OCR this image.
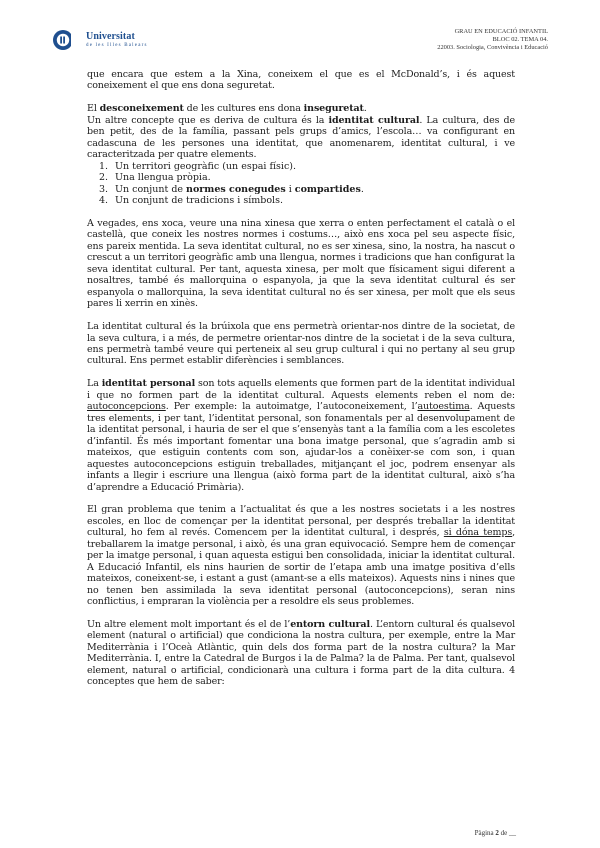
Universitat
de les Illes Balears
GRAU EN EDUCACIÓ INFANTIL
BLOC 02. TEMA 04.
22003. Sociologia, Convivència i Educació

que encara que estem a la Xina, coneixem el que es el McDonald’s, i és aquest coneixement el que ens dona seguretat.

El desconeixement de les cultures ens dona inseguretat.

Un altre concepte que es deriva de cultura és la identitat cultural. La cultura, des de ben petit, des de la família, passant pels grups d’amics, l’escola… va configurant en cadascuna de les persones una identitat, que anomenarem, identitat cultural, i ve caracteritzada per quatre elements.

1. Un territori geogràfic (un espai físic).
2. Una llengua pròpia.
3. Un conjunt de normes conegudes i compartides.
4. Un conjunt de tradicions i símbols.

A vegades, ens xoca, veure una nina xinesa que xerra o enten perfectament el català o el castellà, que coneix les nostres normes i costums…, això ens xoca pel seu aspecte físic, ens pareix mentida. La seva identitat cultural, no es ser xinesa, sino, la nostra, ha nascut o crescut a un territori geogràfic amb una llengua, normes i tradicions que han configurat la seva identitat cultural. Per tant, aquesta xinesa, per molt que físicament sigui diferent a nosaltres, també és mallorquina o espanyola, ja que la seva identitat cultural és ser espanyola o mallorquina, la seva identitat cultural no és ser xinesa, per molt que els seus pares li xerrin en xinès.

La identitat cultural és la brúixola que ens permetrà orientar-nos dintre de la societat, de la seva cultura, i a més, de permetre orientar-nos dintre de la societat i de la seva cultura, ens permetrà també veure qui perteneix al seu grup cultural i qui no pertany al seu grup cultural. Ens permet establir diferències i semblances.

La identitat personal son tots aquells elements que formen part de la identitat individual i que no formen part de la identitat cultural. Aquests elements reben el nom de: autoconcepcions. Per exemple: la autoimatge, l’autoconeixement, l’autoestima. Aquests tres elements, i per tant, l’identitat personal, son fonamentals per al desenvolupament de la identitat personal, i hauria de ser el que s’ensenyàs tant a la família com a les escoletes d’infantil. És més important fomentar una bona imatge personal, que s’agradin amb si mateixos, que estiguin contents com son, ajudar-los a conèixer-se com son, i quan aquestes autoconcepcions estiguin treballades, mitjançant el joc, podrem ensenyar als infants a llegir i escriure una llengua (això forma part de la identitat cultural, això s’ha d’aprendre a Educació Primària).

El gran problema que tenim a l’actualitat és que a les nostres societats i a les nostres escoles, en lloc de començar per la identitat personal, per després treballar la identitat cultural, ho fem al revés. Comencem per la identitat cultural, i després, si dóna temps, treballarem la imatge personal, i això, és una gran equivocació. Sempre hem de començar per la imatge personal, i quan aquesta estigui ben consolidada, iniciar la identitat cultural. A Educació Infantil, els nins haurien de sortir de l’etapa amb una imatge positiva d’ells mateixos, coneixent-se, i estant a gust (amant-se a ells mateixos). Aquests nins i nines que no tenen ben assimilada la seva identitat personal (autoconcepcions), seran nins conflictius, i empraran la violència per a resoldre els seus problemes.

Un altre element molt important és el de l’entorn cultural. L’entorn cultural és qualsevol element (natural o artificial) que condiciona la nostra cultura, per exemple, entre la Mar Mediterrània i l’Oceà Atlàntic, quin dels dos forma part de la nostra cultura? la Mar Mediterrània. I, entre la Catedral de Burgos i la de Palma? la de Palma. Per tant, qualsevol element, natural o artificial, condicionarà una cultura i forma part de la dita cultura. 4 conceptes que hem de saber:

Pàgina 2 de __
